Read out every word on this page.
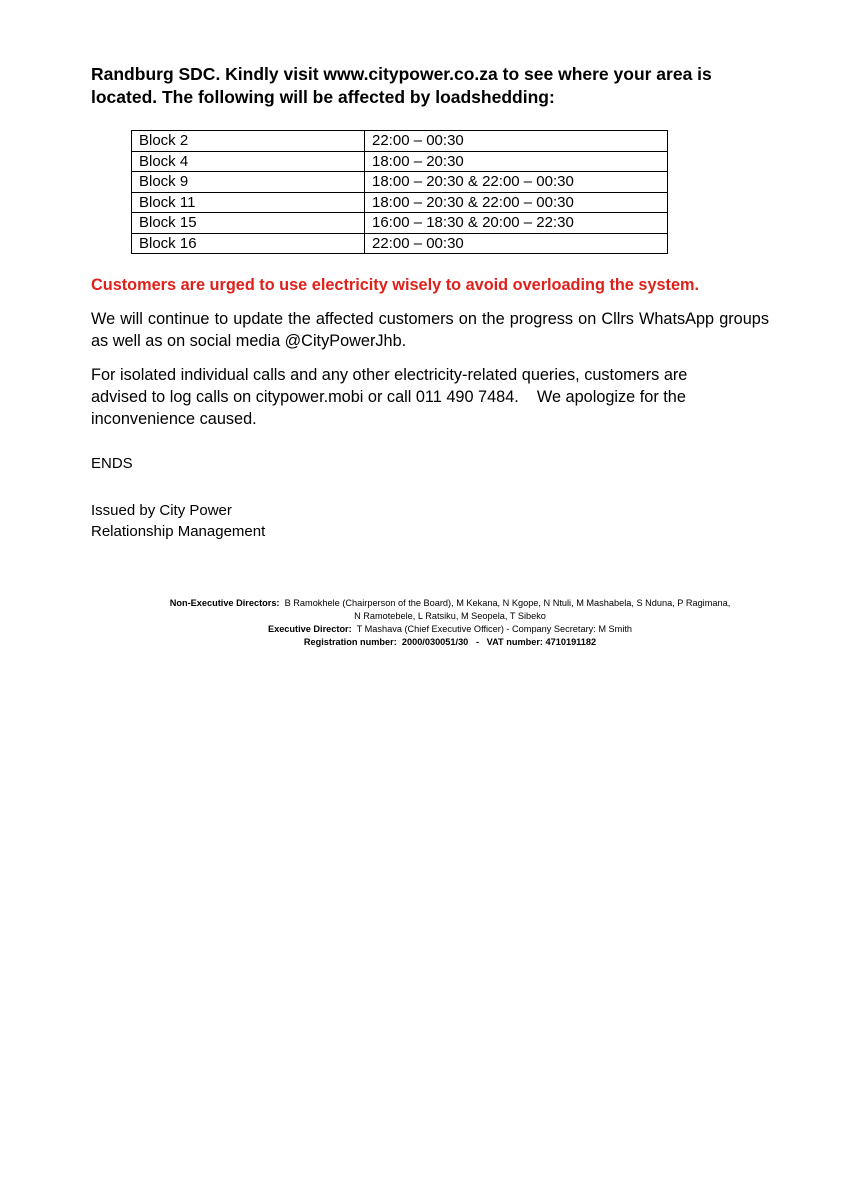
Randburg SDC. Kindly visit www.citypower.co.za to see where your area is
located. The following will be affected by loadshedding:

Block 2	22:00 – 00:30
Block 4	18:00 – 20:30
Block 9	18:00 – 20:30 & 22:00 – 00:30
Block 11	18:00 – 20:30 & 22:00 – 00:30
Block 15	16:00 – 18:30 & 20:00 – 22:30
Block 16	22:00 – 00:30

Customers are urged to use electricity wisely to avoid overloading the system.

We will continue to update the affected customers on the progress on Cllrs WhatsApp groups as well as on social media @CityPowerJhb.

For isolated individual calls and any other electricity-related queries, customers are
advised to log calls on citypower.mobi or call 011 490 7484.    We apologize for the
inconvenience caused.

ENDS

Issued by City Power
Relationship Management

Non-Executive Directors: B Ramokhele (Chairperson of the Board), M Kekana, N Kgope, N Ntuli, M Mashabela, S Nduna, P Ragimana,
N Ramotebele, L Ratsiku, M Seopela, T Sibeko
Executive Director: T Mashava (Chief Executive Officer) - Company Secretary: M Smith
Registration number:  2000/030051/30   -   VAT number: 4710191182
